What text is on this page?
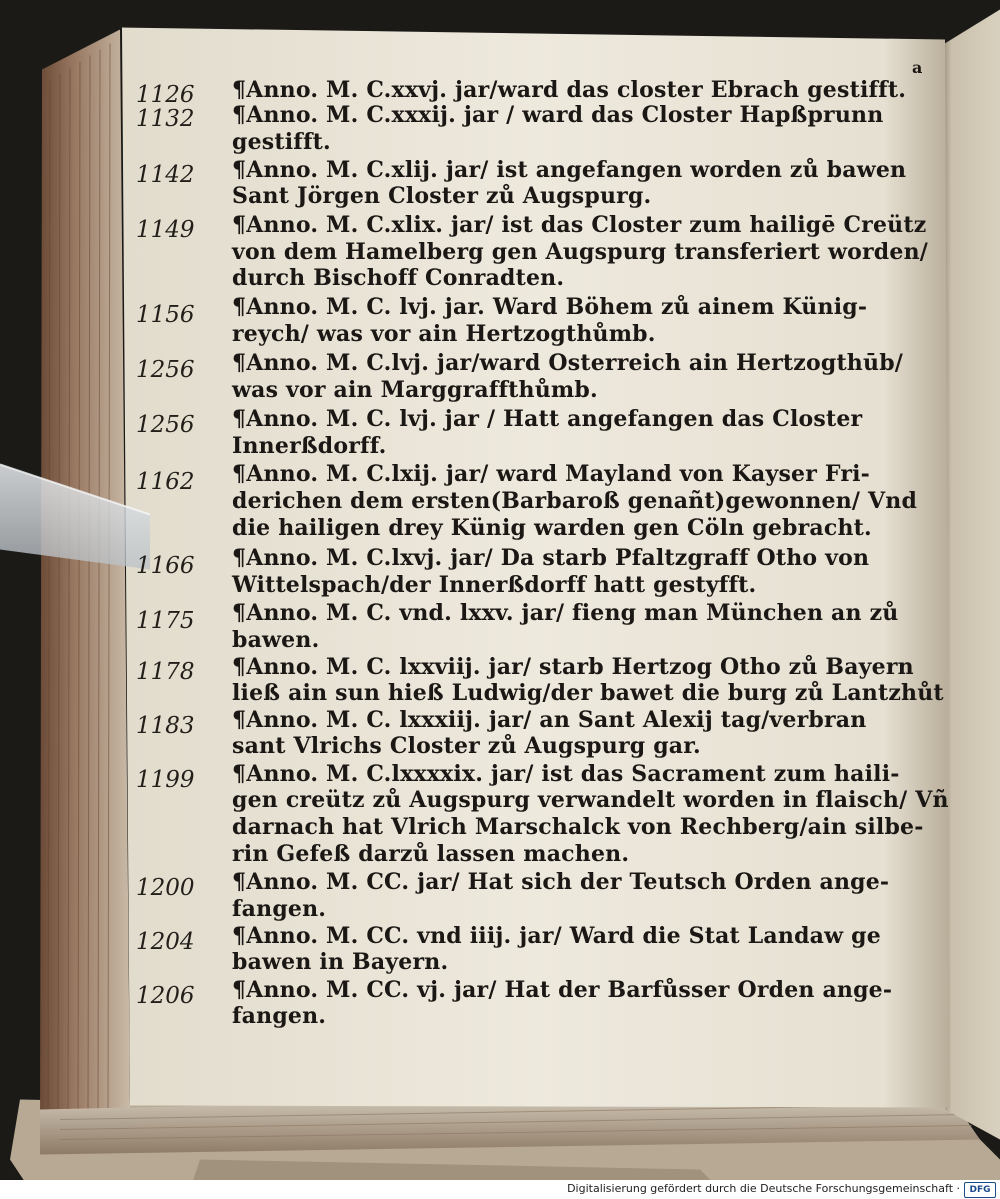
a
1126	¶Anno. M. C.xxvj. jar/ward das closter Ebrach gestifft.
1132	¶Anno. M. C.xxxij. jar / ward das Closter Hapßprunn
gestifft.
1142	¶Anno. M. C.xlij. jar/ ist angefangen worden zů bawen
Sant Jörgen Closter zů Augspurg.
1149	¶Anno. M. C.xlix. jar/ ist das Closter zum hailigē Creütz
von dem Hamelberg gen Augspurg transferiert worden/
durch Bischoff Conradten.
1156	¶Anno. M. C. lvj. jar. Ward Böhem zů ainem Künig-
reych/ was vor ain Hertzogthůmb.
1256	¶Anno. M. C.lvj. jar/ward Osterreich ain Hertzogthūb/
was vor ain Marggraffthůmb.
1256	¶Anno. M. C. lvj. jar / Hatt angefangen das Closter
Innerßdorff.
1162	¶Anno. M. C.lxij. jar/ ward Mayland von Kayser Fri-
derichen dem ersten(Barbaroß genañt)gewonnen/ Vnd
die hailigen drey Künig warden gen Cöln gebracht.
1166	¶Anno. M. C.lxvj. jar/ Da starb Pfaltzgraff Otho von
Wittelspach/der Innerßdorff hatt gestyfft.
1175	¶Anno. M. C. vnd. lxxv. jar/ fieng man München an zů
bawen.
1178	¶Anno. M. C. lxxviij. jar/ starb Hertzog Otho zů Bayern
ließ ain sun hieß Ludwig/der bawet die burg zů Lantzhůt
1183	¶Anno. M. C. lxxxiij. jar/ an Sant Alexij tag/verbran
sant Vlrichs Closter zů Augspurg gar.
1199	¶Anno. M. C.lxxxxix. jar/ ist das Sacrament zum haili-
gen creütz zů Augspurg verwandelt worden in flaisch/ Vñ
darnach hat Vlrich Marschalck von Rechberg/ain silbe-
rin Gefeß darzů lassen machen.
1200	¶Anno. M. CC. jar/ Hat sich der Teutsch Orden ange-
fangen.
1204	¶Anno. M. CC. vnd iiij. jar/ Ward die Stat Landaw ge
bawen in Bayern.
1206	¶Anno. M. CC. vj. jar/ Hat der Barfůsser Orden ange-
fangen.
Digitalisierung gefördert durch die Deutsche Forschungsgemeinschaft ·	DFG
